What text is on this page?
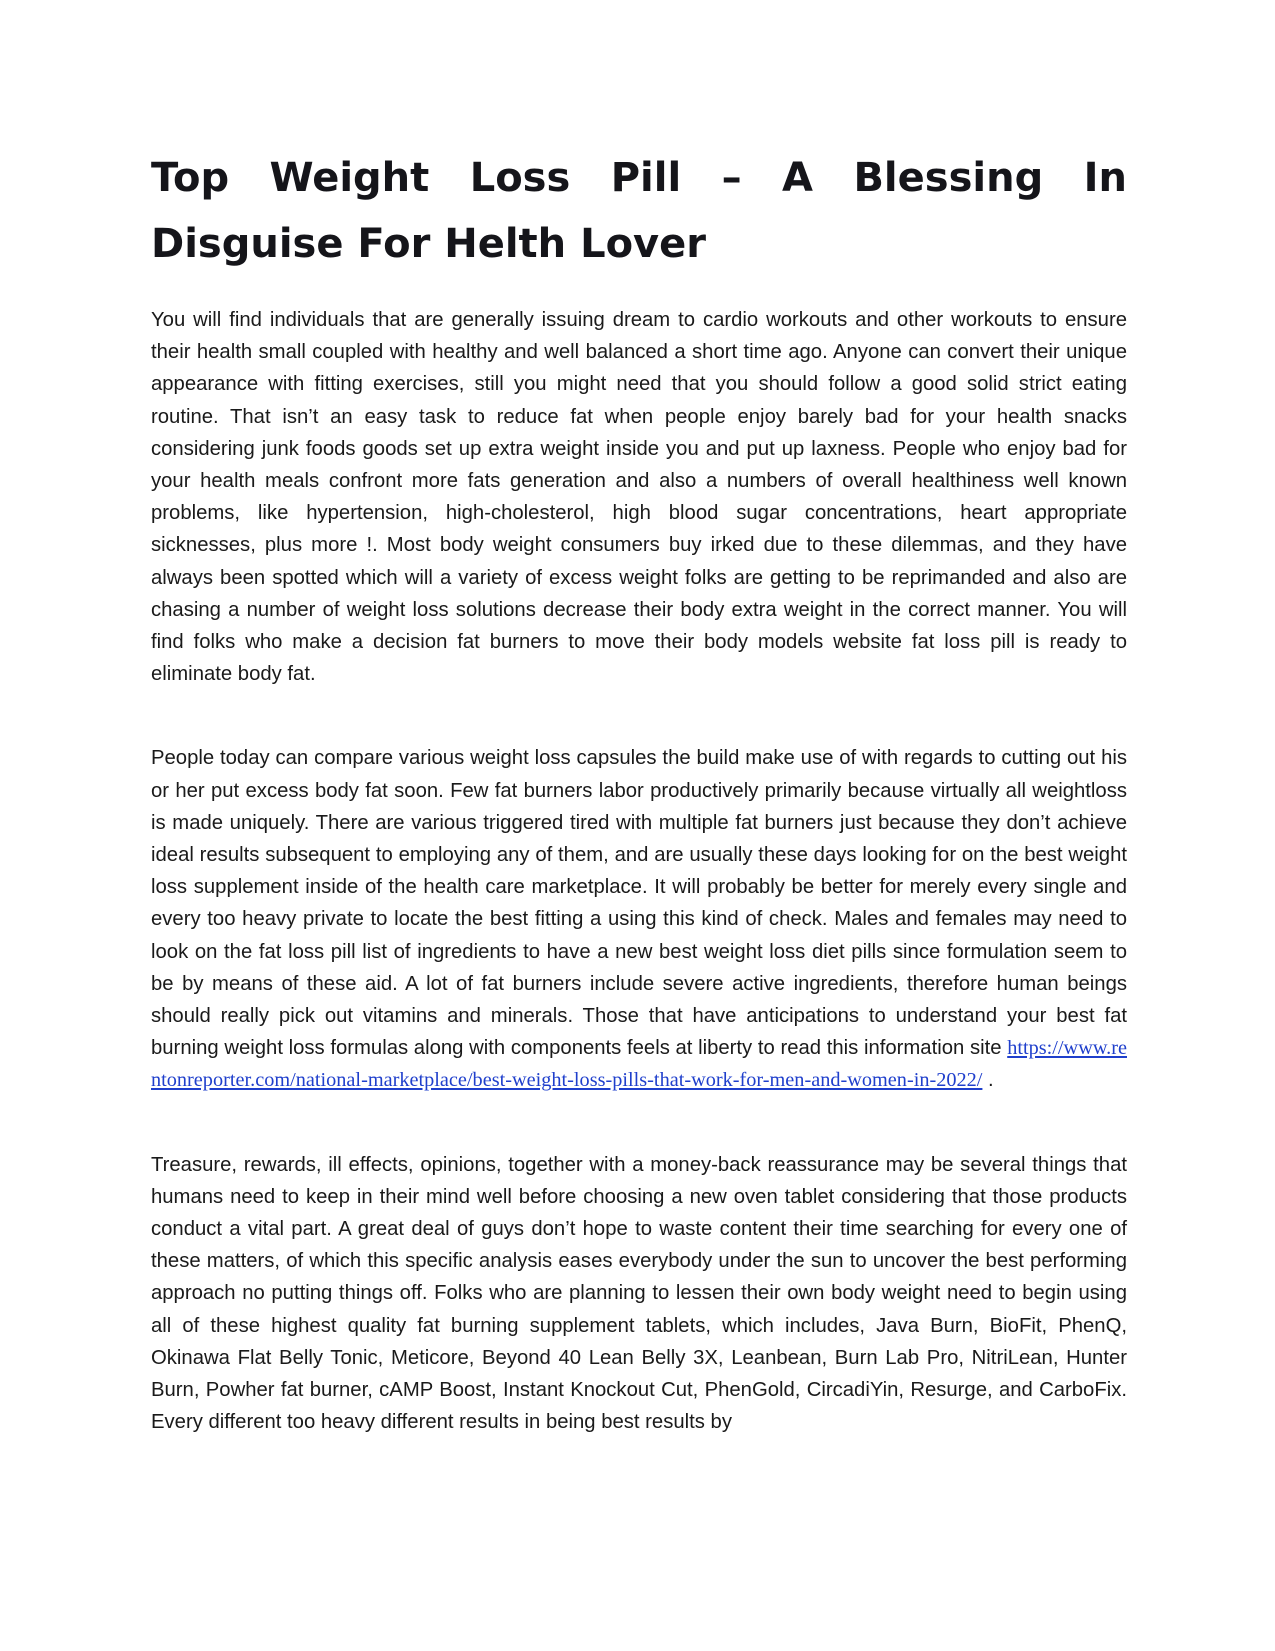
Top Weight Loss Pill – A Blessing In Disguise For Helth Lover

You will find individuals that are generally issuing dream to cardio workouts and other workouts to ensure their health small coupled with healthy and well balanced a short time ago. Anyone can convert their unique appearance with fitting exercises, still you might need that you should follow a good solid strict eating routine. That isn’t an easy task to reduce fat when people enjoy barely bad for your health snacks considering junk foods goods set up extra weight inside you and put up laxness. People who enjoy bad for your health meals confront more fats generation and also a numbers of overall healthiness well known problems, like hypertension, high-cholesterol, high blood sugar concentrations, heart appropriate sicknesses, plus more !. Most body weight consumers buy irked due to these dilemmas, and they have always been spotted which will a variety of excess weight folks are getting to be reprimanded and also are chasing a number of weight loss solutions decrease their body extra weight in the correct manner. You will find folks who make a decision fat burners to move their body models website fat loss pill is ready to eliminate body fat.

People today can compare various weight loss capsules the build make use of with regards to cutting out his or her put excess body fat soon. Few fat burners labor productively primarily because virtually all weightloss is made uniquely. There are various triggered tired with multiple fat burners just because they don’t achieve ideal results subsequent to employing any of them, and are usually these days looking for on the best weight loss supplement inside of the health care marketplace. It will probably be better for merely every single and every too heavy private to locate the best fitting a using this kind of check. Males and females may need to look on the fat loss pill list of ingredients to have a new best weight loss diet pills since formulation seem to be by means of these aid. A lot of fat burners include severe active ingredients, therefore human beings should really pick out vitamins and minerals. Those that have anticipations to understand your best fat burning weight loss formulas along with components feels at liberty to read this information site https://www.rentonreporter.com/national-marketplace/best-weight-loss-pills-that-work-for-men-and-women-in-2022/ .

Treasure, rewards, ill effects, opinions, together with a money-back reassurance may be several things that humans need to keep in their mind well before choosing a new oven tablet considering that those products conduct a vital part. A great deal of guys don’t hope to waste content their time searching for every one of these matters, of which this specific analysis eases everybody under the sun to uncover the best performing approach no putting things off. Folks who are planning to lessen their own body weight need to begin using all of these highest quality fat burning supplement tablets, which includes, Java Burn, BioFit, PhenQ, Okinawa Flat Belly Tonic, Meticore, Beyond 40 Lean Belly 3X, Leanbean, Burn Lab Pro, NitriLean, Hunter Burn, Powher fat burner, cAMP Boost, Instant Knockout Cut, PhenGold, CircadiYin, Resurge, and CarboFix. Every different too heavy different results in being best results by
